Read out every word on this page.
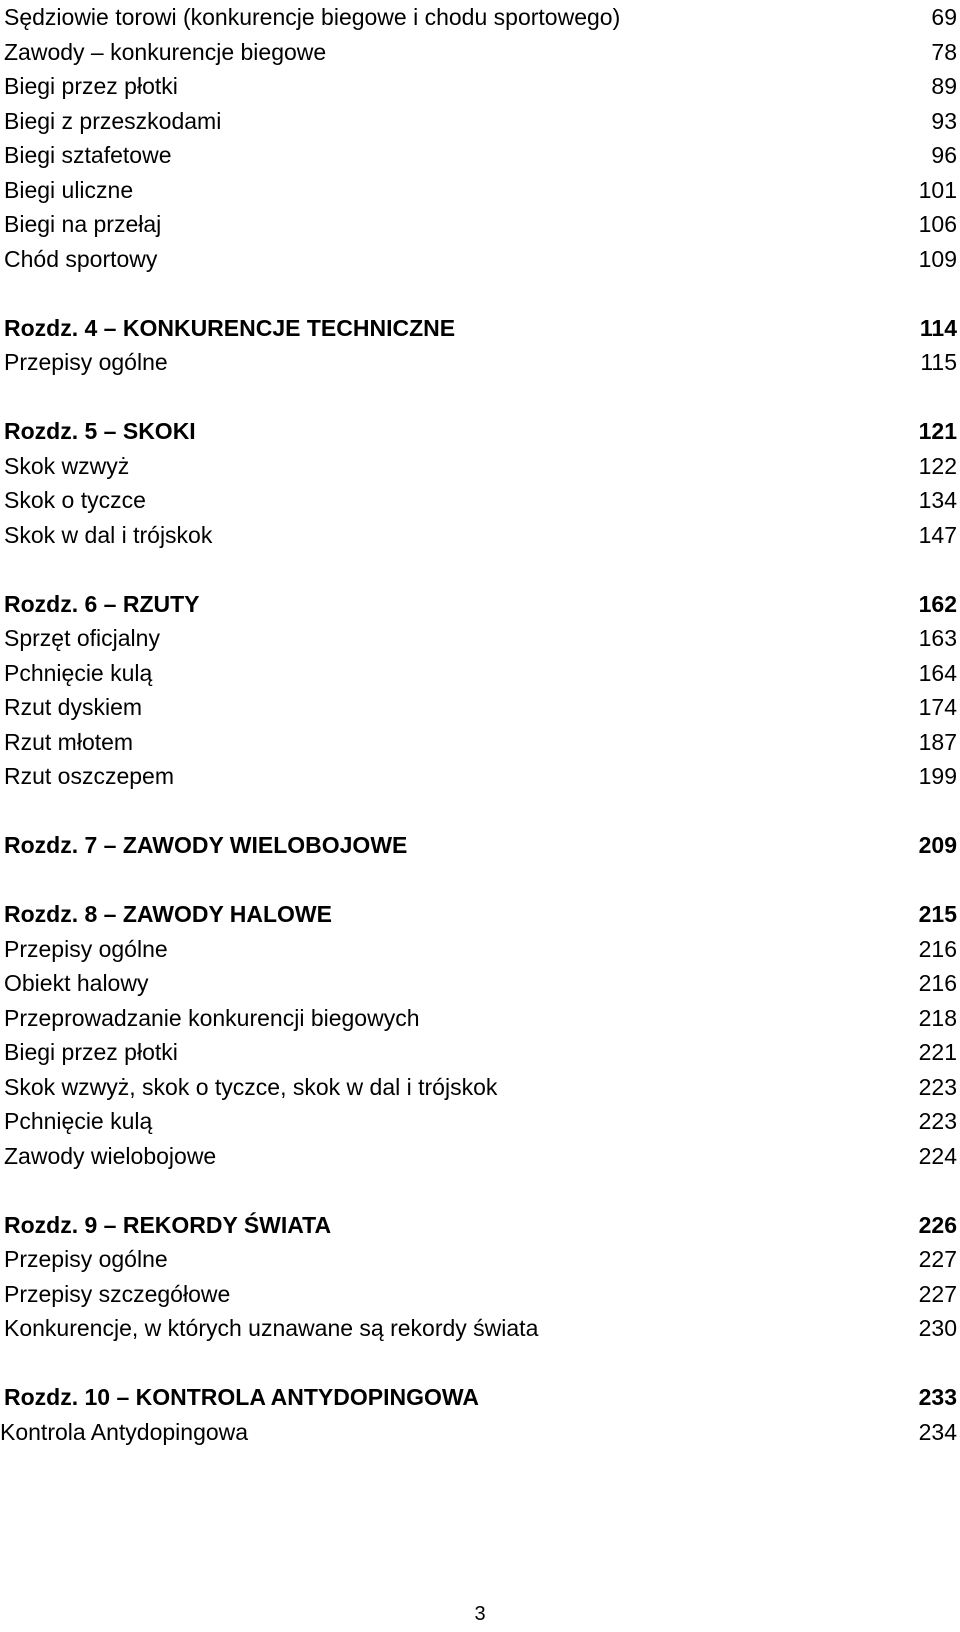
Sędziowie torowi (konkurencje biegowe i chodu sportowego)	69
Zawody – konkurencje biegowe	78
Biegi przez płotki	89
Biegi z przeszkodami	93
Biegi sztafetowe	96
Biegi uliczne	101
Biegi na przełaj	106
Chód sportowy	109
Rozdz. 4 – KONKURENCJE TECHNICZNE	114
Przepisy ogólne	115
Rozdz. 5 – SKOKI	121
Skok wzwyż	122
Skok o tyczce	134
Skok w dal i trójskok	147
Rozdz. 6 – RZUTY	162
Sprzęt oficjalny	163
Pchnięcie kulą	164
Rzut dyskiem	174
Rzut młotem	187
Rzut oszczepem	199
Rozdz. 7 – ZAWODY WIELOBOJOWE	209
Rozdz. 8 – ZAWODY HALOWE	215
Przepisy ogólne	216
Obiekt halowy	216
Przeprowadzanie konkurencji biegowych	218
Biegi przez płotki	221
Skok wzwyż, skok o tyczce, skok w dal i trójskok	223
Pchnięcie kulą	223
Zawody wielobojowe	224
Rozdz. 9 – REKORDY ŚWIATA	226
Przepisy ogólne	227
Przepisy szczegółowe	227
Konkurencje, w których uznawane są rekordy świata	230
Rozdz. 10 – KONTROLA ANTYDOPINGOWA	233
Kontrola Antydopingowa	234
3
